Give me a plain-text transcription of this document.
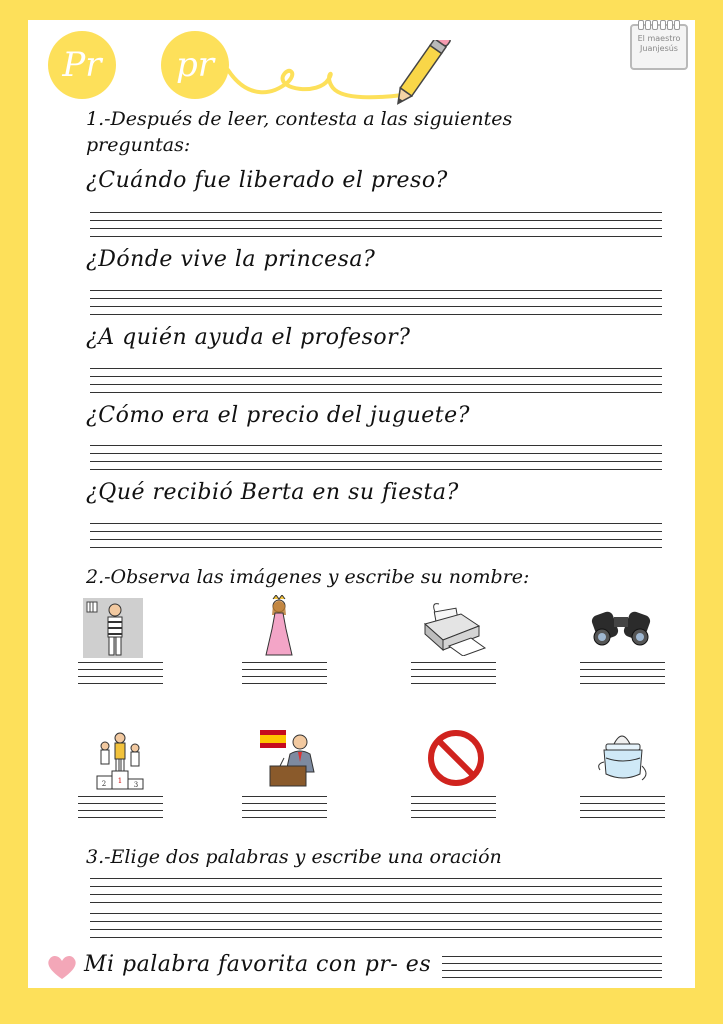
Pr pr
El maestro
Juanjesús
1.-Después de leer, contesta a las siguientes
preguntas:
¿Cuándo fue liberado el preso?
¿Dónde vive la princesa?
¿A quién ayuda el profesor?
¿Cómo era el precio del juguete?
¿Qué recibió Berta en su fiesta?
2.-Observa las imágenes y escribe su nombre:
1
2	3
3.-Elige dos palabras y escribe una oración
Mi palabra favorita con pr- es
